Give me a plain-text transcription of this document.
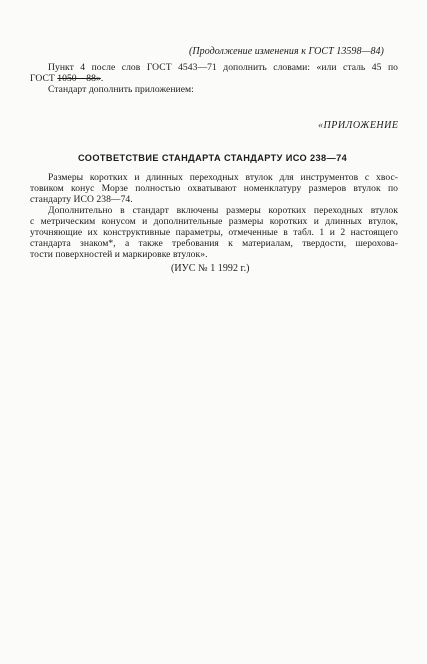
(Продолжение изменения к ГОСТ 13598—84)
Пункт 4 после слов ГОСТ 4543—71 дополнить словами: «или сталь 45 по
ГОСТ 1050—88».
Стандарт дополнить приложением:
«ПРИЛОЖЕНИЕ
СООТВЕТСТВИЕ СТАНДАРТА СТАНДАРТУ ИСО 238—74
Размеры коротких и длинных переходных втулок для инструментов с хвос-
товиком конус Морзе полностью охватывают номенклатуру размеров втулок по
стандарту ИСО 238—74.
Дополнительно в стандарт включены размеры коротких переходных втулок
с метрическим конусом и дополнительные размеры коротких и длинных втулок,
уточняющие их конструктивные параметры, отмеченные в табл. 1 и 2 настоящего
стандарта знаком*, а также требования к материалам, твердости, шерохова-
тости поверхностей и маркировке втулок».
(ИУС № 1 1992 г.)
